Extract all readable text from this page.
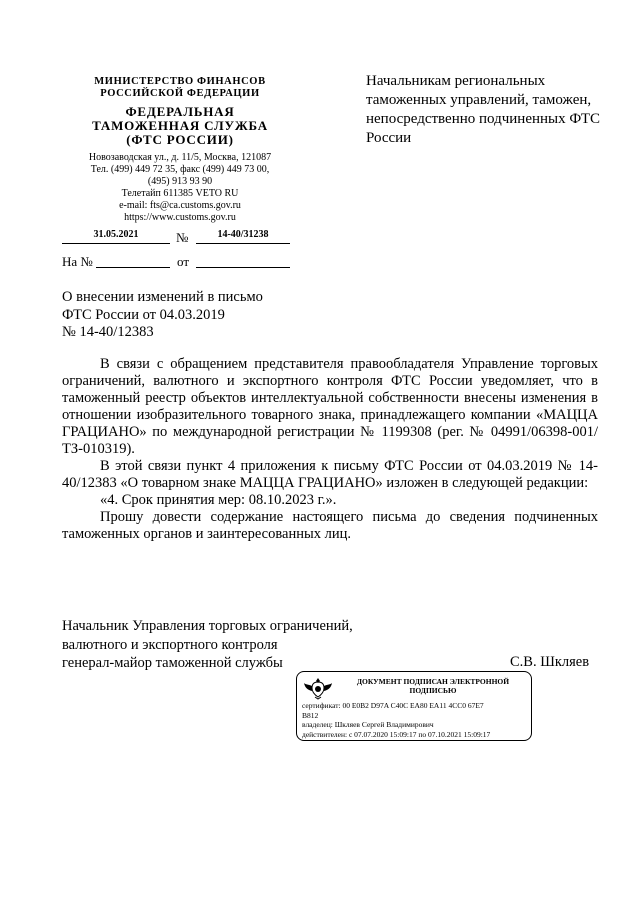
МИНИСТЕРСТВО ФИНАНСОВ
РОССИЙСКОЙ ФЕДЕРАЦИИ
ФЕДЕРАЛЬНАЯ
ТАМОЖЕННАЯ СЛУЖБА
(ФТС РОССИИ)
Новозаводская ул., д. 11/5, Москва, 121087
Тел. (499) 449 72 35, факс (499) 449 73 00,
(495) 913 93 90
Телетайп 611385 VETO RU
e-mail: fts@ca.customs.gov.ru
https://www.customs.gov.ru
31.05.2021	№	14-40/31238
На №	от
Начальникам региональных таможенных управлений, таможен, непосредственно подчиненных ФТС России
О внесении изменений в письмо
ФТС России от 04.03.2019
№ 14-40/12383

В связи с обращением представителя правообладателя Управление торговых ограничений, валютного и экспортного контроля ФТС России уведомляет, что в таможенный реестр объектов интеллектуальной собственности внесены изменения в отношении изобразительного товарного знака, принадлежащего компании «МАЦЦА ГРАЦИАНО» по международной регистрации № 1199308 (рег. № 04991/06398-001/ТЗ-010319).

В этой связи пункт 4 приложения к письму ФТС России от 04.03.2019 № 14-40/12383 «О товарном знаке МАЦЦА ГРАЦИАНО» изложен в следующей редакции:

«4. Срок принятия мер: 08.10.2023 г.».

Прошу довести содержание настоящего письма до сведения подчиненных таможенных органов и заинтересованных лиц.

Начальник Управления торговых ограничений,
валютного и экспортного контроля
генерал-майор таможенной службы	С.В. Шкляев
ДОКУМЕНТ ПОДПИСАН ЭЛЕКТРОННОЙ ПОДПИСЬЮ
сертификат: 00 E0B2 D97A C40C EA80 EA11 4CC0 67E7
B812
владелец: Шкляев Сергей Владимирович
действителен: с 07.07.2020 15:09:17 по 07.10.2021 15:09:17
